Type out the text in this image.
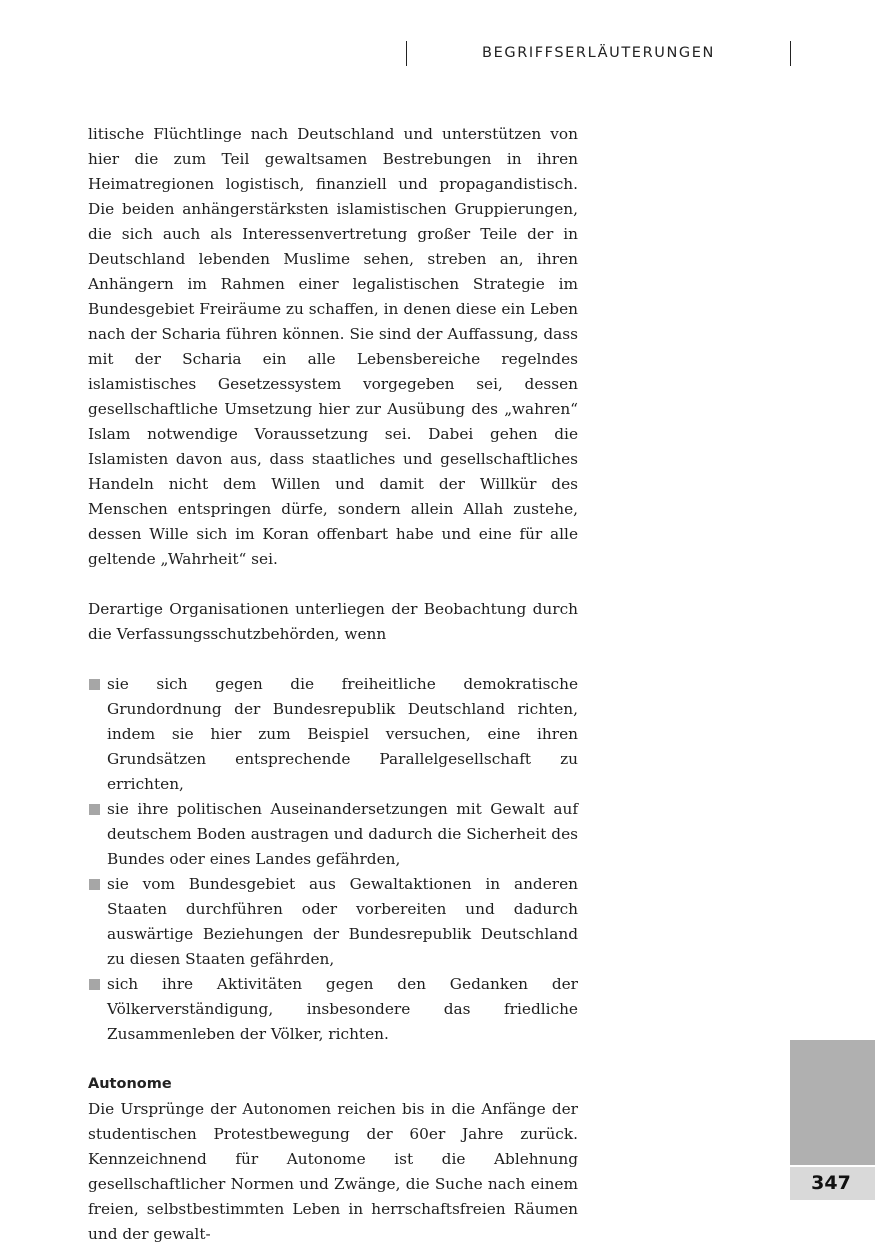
BEGRIFFSERLÄUTERUNGEN

litische Flüchtlinge nach Deutschland und unterstützen von hier die zum Teil gewaltsamen Bestrebungen in ihren Heimatregionen logistisch, finanziell und propagandistisch. Die beiden anhängerstärksten islamistischen Gruppierungen, die sich auch als Interessenvertretung großer Teile der in Deutschland lebenden Muslime sehen, streben an, ihren Anhängern im Rahmen einer legalistischen Strategie im Bundesgebiet Freiräume zu schaffen, in denen diese ein Leben nach der Scharia führen können. Sie sind der Auffassung, dass mit der Scharia ein alle Lebensbereiche regelndes islamistisches Gesetzessystem vorgegeben sei, dessen gesellschaftliche Umsetzung hier zur Ausübung des „wahren“ Islam notwendige Voraussetzung sei. Dabei gehen die Islamisten davon aus, dass staatliches und gesellschaftliches Handeln nicht dem Willen und damit der Willkür des Menschen entspringen dürfe, sondern allein Allah zustehe, dessen Wille sich im Koran offenbart habe und eine für alle geltende „Wahrheit“ sei.

Derartige Organisationen unterliegen der Beobachtung durch die Verfassungsschutzbehörden, wenn

sie sich gegen die freiheitliche demokratische Grundordnung der Bundesrepublik Deutschland richten, indem sie hier zum Beispiel versuchen, eine ihren Grundsätzen entsprechende Parallelgesellschaft zu errichten,
sie ihre politischen Auseinandersetzungen mit Gewalt auf deutschem Boden austragen und dadurch die Sicherheit des Bundes oder eines Landes gefährden,
sie vom Bundesgebiet aus Gewaltaktionen in anderen Staaten durchführen oder vorbereiten und dadurch auswärtige Beziehungen der Bundesrepublik Deutschland zu diesen Staaten gefährden,
sich ihre Aktivitäten gegen den Gedanken der Völkerverständigung, insbesondere das friedliche Zusammenleben der Völker, richten.
Autonome

Die Ursprünge der Autonomen reichen bis in die Anfänge der studentischen Protestbewegung der 60er Jahre zurück. Kennzeichnend für Autonome ist die Ablehnung gesellschaftlicher Normen und Zwänge, die Suche nach einem freien, selbstbestimmten Leben in herrschaftsfreien Räumen und der gewalt-

347
